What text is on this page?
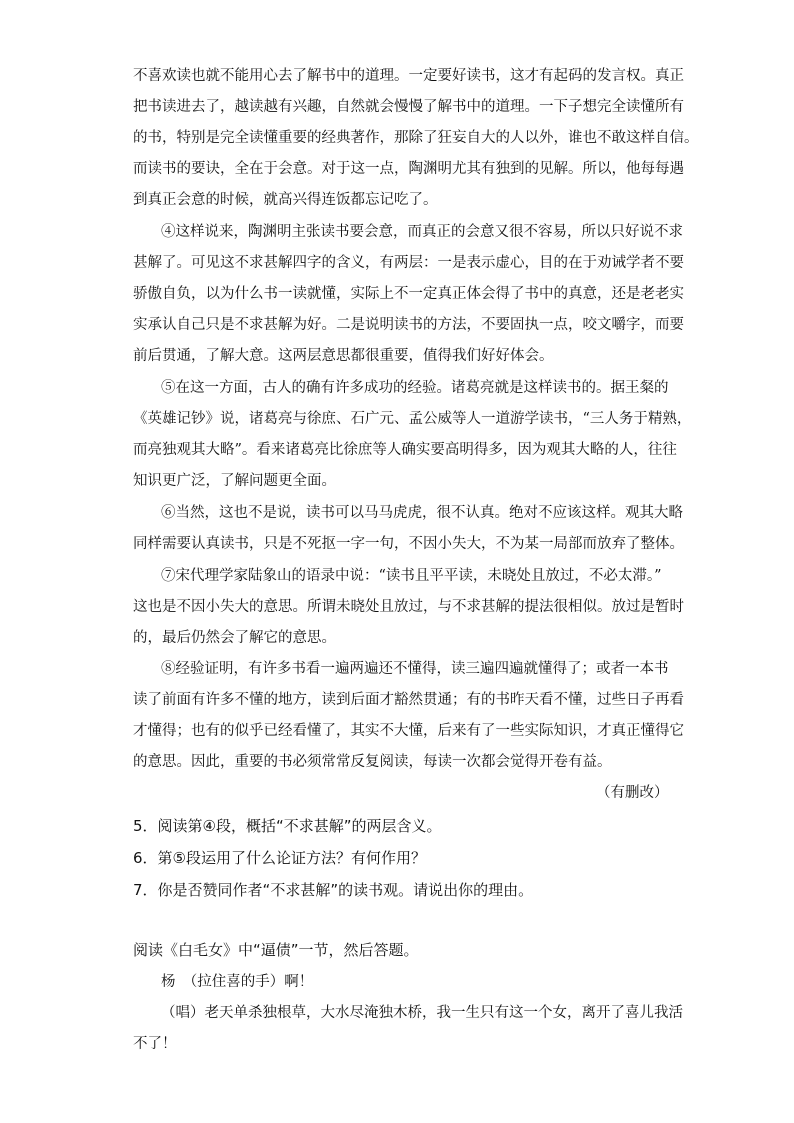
不喜欢读也就不能用心去了解书中的道理。一定要好读书，这才有起码的发言权。真正
把书读进去了，越读越有兴趣，自然就会慢慢了解书中的道理。一下子想完全读懂所有
的书，特别是完全读懂重要的经典著作，那除了狂妄自大的人以外，谁也不敢这样自信。
而读书的要诀，全在于会意。对于这一点，陶渊明尤其有独到的见解。所以，他每每遇
到真正会意的时候，就高兴得连饭都忘记吃了。
④这样说来，陶渊明主张读书要会意，而真正的会意又很不容易，所以只好说不求
甚解了。可见这不求甚解四字的含义，有两层：一是表示虚心，目的在于劝诫学者不要
骄傲自负，以为什么书一读就懂，实际上不一定真正体会得了书中的真意，还是老老实
实承认自己只是不求甚解为好。二是说明读书的方法，不要固执一点，咬文嚼字，而要
前后贯通，了解大意。这两层意思都很重要，值得我们好好体会。
⑤在这一方面，古人的确有许多成功的经验。诸葛亮就是这样读书的。据王粲的
《英雄记钞》说，诸葛亮与徐庶、石广元、孟公威等人一道游学读书，“三人务于精熟，
而亮独观其大略”。看来诸葛亮比徐庶等人确实要高明得多，因为观其大略的人，往往
知识更广泛，了解问题更全面。
⑥当然，这也不是说，读书可以马马虎虎，很不认真。绝对不应该这样。观其大略
同样需要认真读书，只是不死抠一字一句，不因小失大，不为某一局部而放弃了整体。
⑦宋代理学家陆象山的语录中说：“读书且平平读，未晓处且放过，不必太滞。”
这也是不因小失大的意思。所谓未晓处且放过，与不求甚解的提法很相似。放过是暂时
的，最后仍然会了解它的意思。
⑧经验证明，有许多书看一遍两遍还不懂得，读三遍四遍就懂得了；或者一本书
读了前面有许多不懂的地方，读到后面才豁然贯通；有的书昨天看不懂，过些日子再看
才懂得；也有的似乎已经看懂了，其实不大懂，后来有了一些实际知识，才真正懂得它
的意思。因此，重要的书必须常常反复阅读，每读一次都会觉得开卷有益。
（有删改）
5．阅读第④段，概括“不求甚解”的两层含义。
6．第⑤段运用了什么论证方法？有何作用？
7．你是否赞同作者“不求甚解”的读书观。请说出你的理由。
阅读《白毛女》中“逼债”一节，然后答题。
杨　（拉住喜的手）啊！
（唱）老天单杀独根草，大水尽淹独木桥，我一生只有这一个女，离开了喜儿我活
不了！
